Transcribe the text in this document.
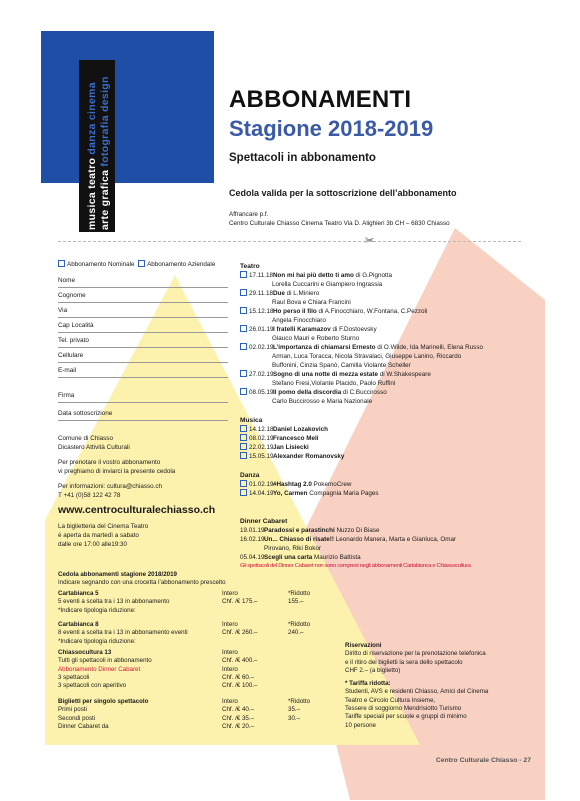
musica teatro danza cinema
arte grafica fotografia design	ABBONAMENTI
Stagione 2018-2019
Spettacoli in abbonamento
Cedola valida per la sottoscrizione dell’abbonamento
Affrancare p.f.
Centro Culturale Chiasso Cinema Teatro Via D. Alighieri 3b CH – 6830 Chiasso
✂
Abbonamento Nominale Abbonamento Aziendale
Nome
Cognome
Via
Cap Località
Tel. privato
Cellulare
E-mail
Firma
Data sottoscrizione
Comune di Chiasso
Dicastero Attività Culturali
Per prenotare il vostro abbonamento
vi preghiamo di inviarci la presente cedola
Per informazioni: cultura@chiasso.ch
T +41 (0)58 122 42 78
www.centroculturalechiasso.ch
La biglietteria del Cinema Teatro
è aperta da martedì a sabato
dalle ore 17:00 alle19:30
Teatro
17.11.18Non mi hai più detto ti amo di G.Pignotta
Lorella Cuccarini e Giampiero Ingrassia
29.11.18Due di L.Miniero
Raul Bova e Chiara Francini
15.12.18Ho perso il filo di A.Finocchiaro, W.Fontana, C.Pezzoli
Angela Finocchiaro
26.01.19I fratelli Karamazov di F.Dostoevsky
Glauco Mauri e Roberto Sturno
02.02.19L’importanza di chiamarsi Ernesto di O.Wilde, Ida Marinelli, Elena Russo
Arman, Luca Toracca, Nicola Stravalaci, Giuseppe Lanino, Riccardo
Buffonini, Cinzia Spanò, Camilla Violante Scheller
27.02.19Sogno di una notte di mezza estate di W.Shakespeare
Stefano Fresi,Violante Placido, Paolo Ruffini
08.05.19Il pomo della discordia di C.Buccirosso
Carlo Buccirosso e Maria Nazionale
Musica
14.12.18Daniel Lozakovich
08.02.19Francesco Meli
22.02.19Jan Lisiecki
15.05.19Alexander Romanovsky
Danza
01.02.19#Hashtag 2.0 PokemoCrew
14.04.19Yo, Carmen Compagnia Maria Pages
Dinner Cabaret
19.01.19Paradossi e parastinchi Nuzzo Di Biase
16.02.19Un... Chiasso di risate!! Leonardo Manera, Marta e Gianluca, Omar
Pirovano, Riki Bokor
05.04.19Scegli una carta Maurizio Battista
Gli spettacoli del Dinner Cabaret non sono compresi negli abbonamenti Cartabianca e Chiassocultura
Cedola abbonamenti stagione 2018/2019
Indicare segnando con una crocetta l’abbonamento prescelto
Cartabianca 5
5 eventi a scelta tra i 13 in abbonamento
*Indicare tipologia riduzione:
Intero
Chf. /€ 175.–
*Ridotto
155.–
Cartabianca 8
8 eventi a scelta tra i 13 in abbonamento eventi
*Indicare tipologia riduzione:
Intero
Chf. /€ 260.–
*Ridotto
240.–
Chiassocultura 13
Tutti gli spettacoli in abbonamento
Abbonamento Dinner Cabaret
3 spettacoli
3 spettacoli con aperitivo
Intero
Chf. /€ 400.–
Intero
Chf. /€ 60.–
Chf. /€ 100.–
Biglietti per singolo spettacolo
Primi posti
Secondi posti
Dinner Cabaret da
Intero
Chf. /€ 40.–
Chf. /€ 35.–
Chf. /€ 20.–
*Ridotto
35.–
30.–
Riservazioni
Diritto di riservazione per la prenotazione telefonica
e il ritiro dei biglietti la sera dello spettacolo
CHF 2.– (a biglietto)
* Tariffa ridotta:
Studenti, AVS e residenti Chiasso, Amici del Cinema
Teatro e Circolo Cultura Insieme,
Tessere di soggiorno Mendrisiotto Turismo
Tariffe speciali per scuole e gruppi di minimo
10 persone
Centro Culturale Chiasso - 27
